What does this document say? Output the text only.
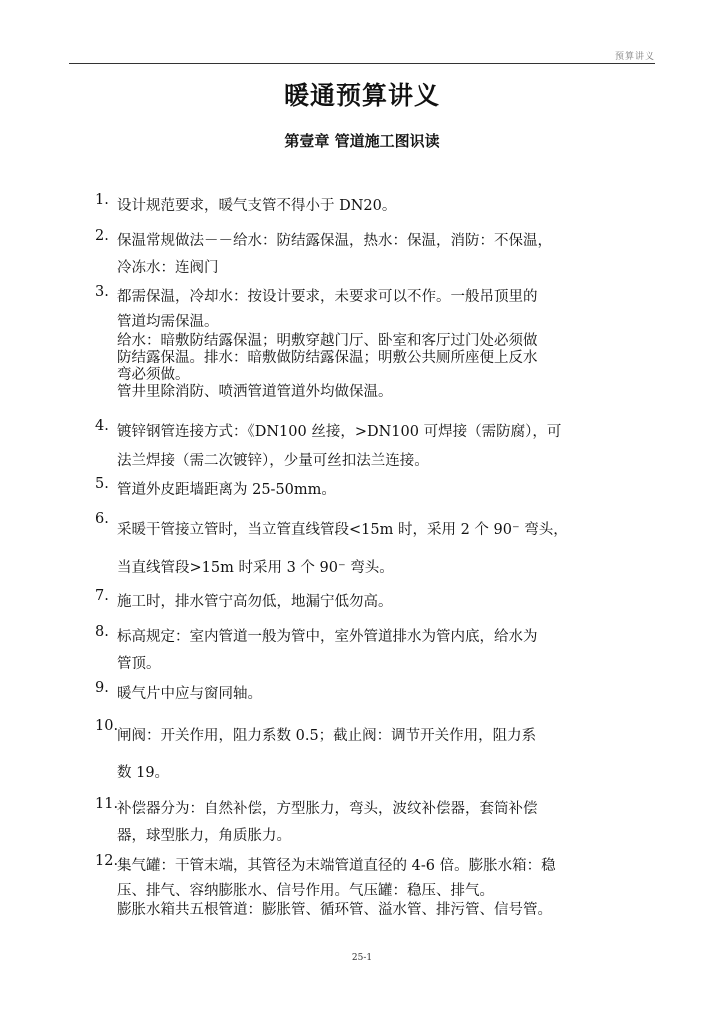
预算讲义
暖通预算讲义
第壹章 管道施工图识读
1. 设计规范要求，暖气支管不得小于 DN20。
2. 保温常规做法－－给水：防结露保温，热水：保温，消防：不保温，
冷冻水：连阀门
3. 都需保温，冷却水：按设计要求，未要求可以不作。一般吊顶里的
管道均需保温。
给水：暗敷防结露保温；明敷穿越门厅、卧室和客厅过门处必须做
防结露保温。排水：暗敷做防结露保温；明敷公共厕所座便上反水
弯必须做。
管井里除消防、喷洒管道管道外均做保温。
4. 镀锌钢管连接方式：《DN100 丝接，>DN100 可焊接（需防腐），可
法兰焊接（需二次镀锌），少量可丝扣法兰连接。
5. 管道外皮距墙距离为 25-50mm。
6.
采暖干管接立管时，当立管直线管段<15m 时，采用 2 个 90⁻ 弯头，
当直线管段>15m 时采用 3 个 90⁻ 弯头。
7. 施工时，排水管宁高勿低，地漏宁低勿高。
8. 标高规定：室内管道一般为管中，室外管道排水为管内底，给水为
管顶。
9. 暖气片中应与窗同轴。
10.
闸阀：开关作用，阻力系数 0.5；截止阀：调节开关作用，阻力系
数 19。
11.
补偿器分为：自然补偿，方型胀力，弯头，波纹补偿器，套筒补偿
器，球型胀力，角质胀力。
12.
集气罐：干管末端，其管径为末端管道直径的 4-6 倍。膨胀水箱：稳
压、排气、容纳膨胀水、信号作用。气压罐：稳压、排气。
膨胀水箱共五根管道：膨胀管、循环管、溢水管、排污管、信号管。
25-1
